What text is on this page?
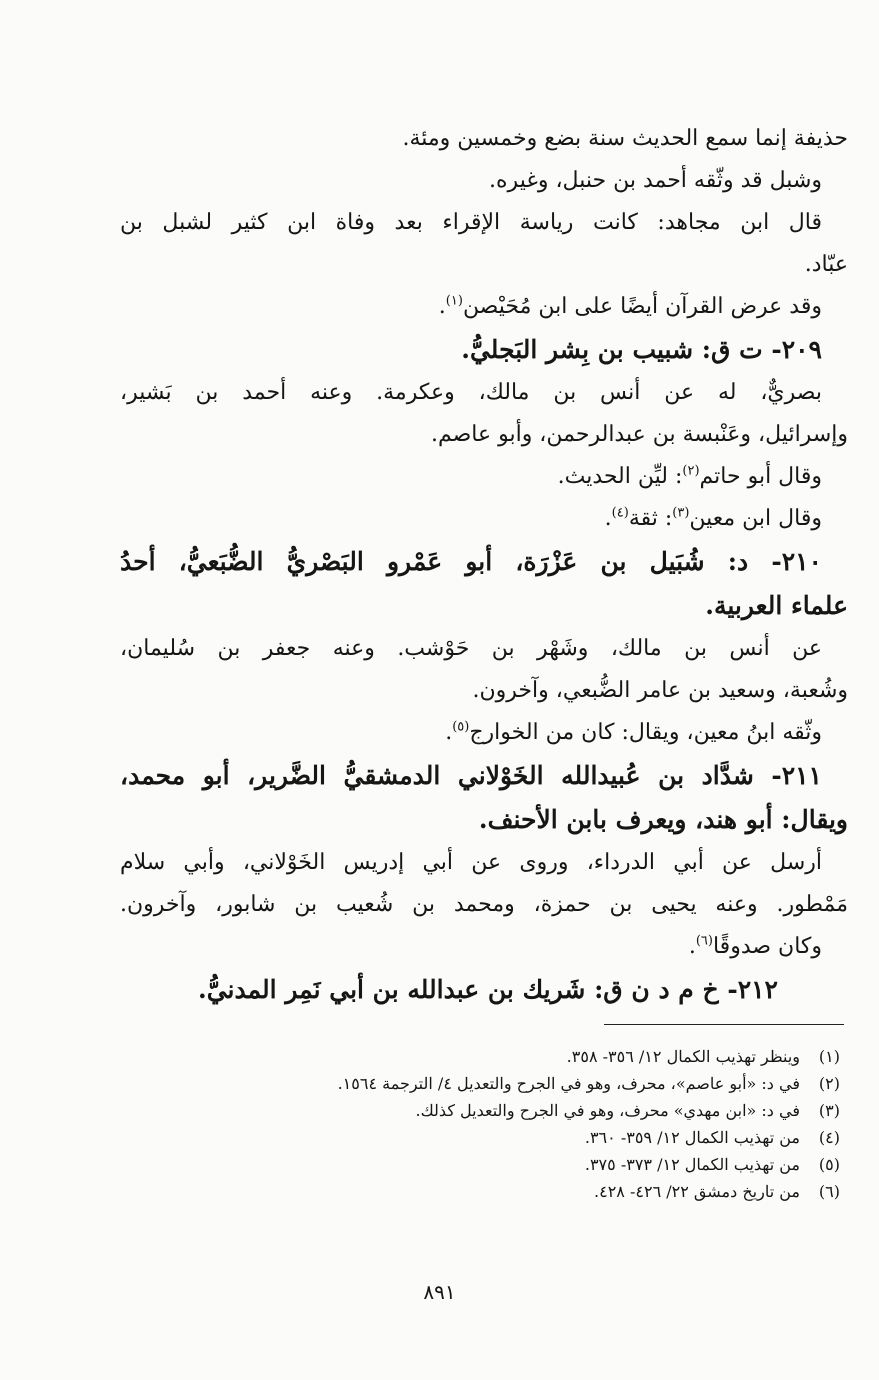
حذيفة إنما سمع الحديث سنة بضع وخمسين ومئة.
وشبل قد وثّقه أحمد بن حنبل، وغيره.
قال ابن مجاهد: كانت رياسة الإقراء بعد وفاة ابن كثير لشبل بن
عبّاد.
وقد عرض القرآن أيضًا على ابن مُحَيْصن$^{(١)}$.
٢٠٩- ت ق: شبيب بن بِشر البَجليُّ.
بصريٌّ، له عن أنس بن مالك، وعكرمة. وعنه أحمد بن بَشير،
وإسرائيل، وعَنْبسة بن عبدالرحمن، وأبو عاصم.
وقال أبو حاتم$^{(٢)}$: ليِّن الحديث.
وقال ابن معين$^{(٣)}$: ثقة$^{(٤)}$.
٢١٠- د: شُبَيل بن عَزْرَة، أبو عَمْرو البَصْريُّ الضُّبَعيُّ، أحدُ
علماء العربية.
عن أنس بن مالك، وشَهْر بن حَوْشب. وعنه جعفر بن سُليمان،
وشُعبة، وسعيد بن عامر الضُّبعي، وآخرون.
وثّقه ابنُ معين، ويقال: كان من الخوارج$^{(٥)}$.
٢١١- شدَّاد بن عُبيدالله الخَوْلاني الدمشقيُّ الضَّرير، أبو محمد،
ويقال: أبو هند، ويعرف بابن الأحنف.
أرسل عن أبي الدرداء، وروى عن أبي إدريس الخَوْلاني، وأبي سلام
مَمْطور. وعنه يحيى بن حمزة، ومحمد بن شُعيب بن شابور، وآخرون.
وكان صدوقًا$^{(٦)}$.
٢١٢- خ م د ن ق: شَريك بن عبدالله بن أبي نَمِر المدنيُّ.
(١)وينظر تهذيب الكمال ١٢/ ٣٥٦- ٣٥٨.
(٢)في د: «أبو عاصم»، محرف، وهو في الجرح والتعديل ٤/ الترجمة ١٥٦٤.
(٣)في د: «ابن مهدي» محرف، وهو في الجرح والتعديل كذلك.
(٤)من تهذيب الكمال ١٢/ ٣٥٩- ٣٦٠.
(٥)من تهذيب الكمال ١٢/ ٣٧٣- ٣٧٥.
(٦)من تاريخ دمشق ٢٢/ ٤٢٦- ٤٢٨.
٨٩١
